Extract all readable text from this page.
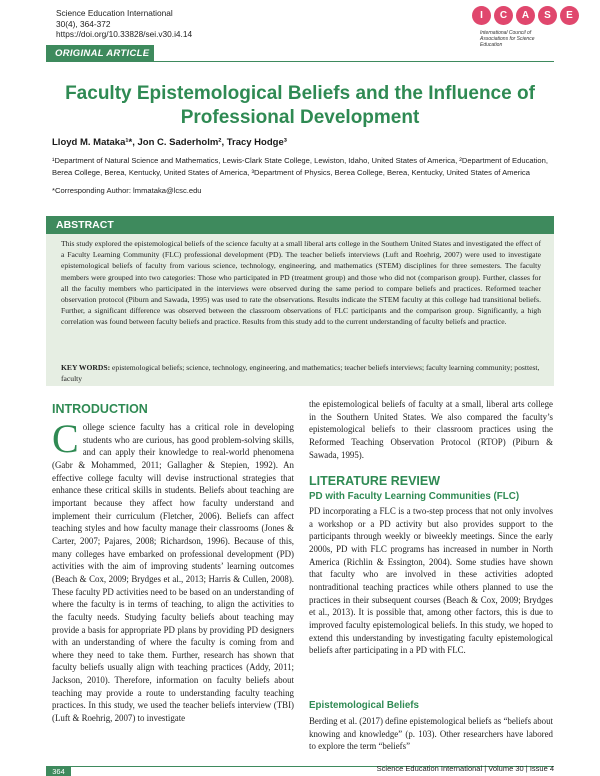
Science Education International
30(4), 364-372
https://doi.org/10.33828/sei.v30.i4.14
I	C	A	S	E
International Council of Associations for Science Education
ORIGINAL ARTICLE
Faculty Epistemological Beliefs and the Influence of Professional Development
Lloyd M. Mataka¹*, Jon C. Saderholm², Tracy Hodge³
¹Department of Natural Science and Mathematics, Lewis-Clark State College, Lewiston, Idaho, United States of America, ²Department of Education, Berea College, Berea, Kentucky, United States of America, ³Department of Physics, Berea College, Berea, Kentucky, United States of America
*Corresponding Author: lmmataka@lcsc.edu
ABSTRACT
This study explored the epistemological beliefs of the science faculty at a small liberal arts college in the Southern United States and investigated the effect of a Faculty Learning Community (FLC) professional development (PD). The teacher beliefs interviews (Luft and Roehrig, 2007) were used to investigate epistemological beliefs of faculty from various science, technology, engineering, and mathematics (STEM) disciplines for three semesters. The faculty members were grouped into two categories: Those who participated in PD (treatment group) and those who did not (comparison group). Further, classes for all the faculty members who participated in the interviews were observed during the same period to compare beliefs and practices. Reformed teacher observation protocol (Piburn and Sawada, 1995) was used to rate the observations. Results indicate the STEM faculty at this college had transitional beliefs. Further, a significant difference was observed between the classroom observations of FLC participants and the comparison group. Significantly, a high correlation was found between faculty beliefs and practice. Results from this study add to the current understanding of faculty beliefs and practice.
KEY WORDS: epistemological beliefs; science, technology, engineering, and mathematics; teacher beliefs interviews; faculty learning community; posttest, faculty
INTRODUCTION
College science faculty has a critical role in developing students who are curious, has good problem-solving skills, and can apply their knowledge to real-world phenomena (Gabr & Mohammed, 2011; Gallagher & Stepien, 1992). An effective college faculty will devise instructional strategies that enhance these critical skills in students. Beliefs about teaching are important because they affect how faculty understand and implement their curriculum (Fletcher, 2006). Beliefs can affect teaching styles and how faculty manage their classrooms (Jones & Carter, 2007; Pajares, 2008; Richardson, 1996). Because of this, many colleges have embarked on professional development (PD) activities with the aim of improving students’ learning outcomes (Beach & Cox, 2009; Brydges et al., 2013; Harris & Cullen, 2008). These faculty PD activities need to be based on an understanding of where the faculty is in terms of teaching, to align the activities to the faculty needs. Studying faculty beliefs about teaching may provide a basis for appropriate PD plans by providing PD designers with an understanding of where the faculty is coming from and where they need to take them. Further, research has shown that faculty beliefs usually align with teaching practices (Addy, 2011; Jackson, 2010). Therefore, information on faculty beliefs about teaching may provide a route to understanding faculty teaching practices. In this study, we used the teacher beliefs interview (TBI) (Luft & Roehrig, 2007) to investigate
the epistemological beliefs of faculty at a small, liberal arts college in the Southern United States. We also compared the faculty’s epistemological beliefs to their classroom practices using the Reformed Teaching Observation Protocol (RTOP) (Piburn & Sawada, 1995).
LITERATURE REVIEW
PD with Faculty Learning Communities (FLC)
PD incorporating a FLC is a two-step process that not only involves a workshop or a PD activity but also provides support to the participants through weekly or biweekly meetings. Since the early 2000s, PD with FLC programs has increased in number in North America (Richlin & Essington, 2004). Some studies have shown that faculty who are involved in these activities adopted nontraditional teaching practices while others planned to use the practices in their subsequent courses (Beach & Cox, 2009; Brydges et al., 2013). It is possible that, among other factors, this is due to improved faculty epistemological beliefs. In this study, we hoped to extend this understanding by investigating faculty epistemological beliefs after participating in a PD with FLC.
Epistemological Beliefs
Berding et al. (2017) define epistemological beliefs as “beliefs about knowing and knowledge” (p. 103). Other researchers have labored to explore the term “beliefs”
364	Science Education International | Volume 30 | Issue 4
